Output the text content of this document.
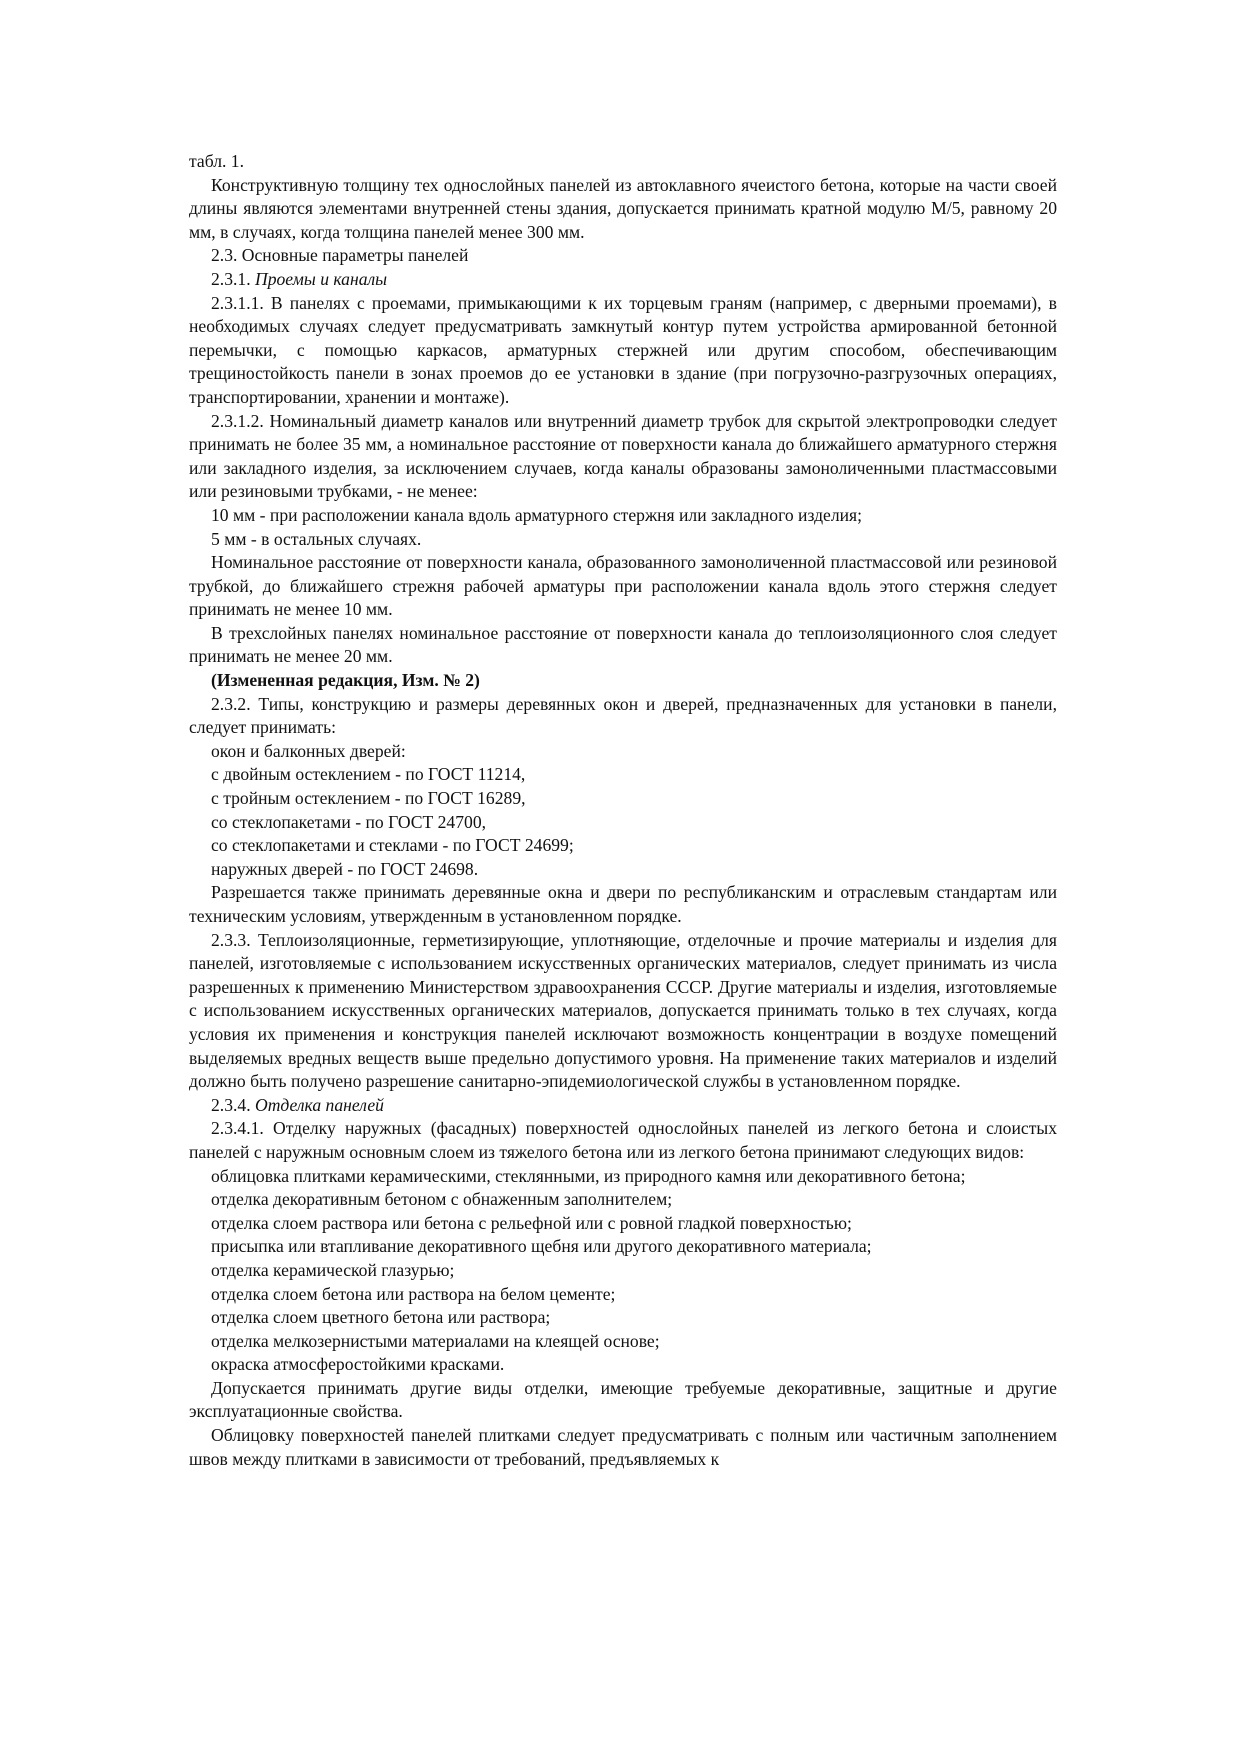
табл. 1.

Конструктивную толщину тех однослойных панелей из автоклавного ячеистого бетона, которые на части своей длины являются элементами внутренней стены здания, допускается принимать кратной модулю М/5, равному 20 мм, в случаях, когда толщина панелей менее 300 мм.

2.3. Основные параметры панелей

2.3.1. Проемы и каналы

2.3.1.1. В панелях с проемами, примыкающими к их торцевым граням (например, с дверными проемами), в необходимых случаях следует предусматривать замкнутый контур путем устройства армированной бетонной перемычки, с помощью каркасов, арматурных стержней или другим способом, обеспечивающим трещиностойкость панели в зонах проемов до ее установки в здание (при погрузочно-разгрузочных операциях, транспортировании, хранении и монтаже).

2.3.1.2. Номинальный диаметр каналов или внутренний диаметр трубок для скрытой электропроводки следует принимать не более 35 мм, а номинальное расстояние от поверхности канала до ближайшего арматурного стержня или закладного изделия, за исключением случаев, когда каналы образованы замоноличенными пластмассовыми или резиновыми трубками, - не менее:

10 мм - при расположении канала вдоль арматурного стержня или закладного изделия;

5 мм - в остальных случаях.

Номинальное расстояние от поверхности канала, образованного замоноличенной пластмассовой или резиновой трубкой, до ближайшего стрежня рабочей арматуры при расположении канала вдоль этого стержня следует принимать не менее 10 мм.

В трехслойных панелях номинальное расстояние от поверхности канала до теплоизоляционного слоя следует принимать не менее 20 мм.

(Измененная редакция, Изм. № 2)

2.3.2. Типы, конструкцию и размеры деревянных окон и дверей, предназначенных для установки в панели, следует принимать:

окон и балконных дверей:

с двойным остеклением - по ГОСТ 11214,

с тройным остеклением - по ГОСТ 16289,

со стеклопакетами - по ГОСТ 24700,

со стеклопакетами и стеклами - по ГОСТ 24699;

наружных дверей - по ГОСТ 24698.

Разрешается также принимать деревянные окна и двери по республиканским и отраслевым стандартам или техническим условиям, утвержденным в установленном порядке.

2.3.3. Теплоизоляционные, герметизирующие, уплотняющие, отделочные и прочие материалы и изделия для панелей, изготовляемые с использованием искусственных органических материалов, следует принимать из числа разрешенных к применению Министерством здравоохранения СССР. Другие материалы и изделия, изготовляемые с использованием искусственных органических материалов, допускается принимать только в тех случаях, когда условия их применения и конструкция панелей исключают возможность концентрации в воздухе помещений выделяемых вредных веществ выше предельно допустимого уровня. На применение таких материалов и изделий должно быть получено разрешение санитарно-эпидемиологической службы в установленном порядке.

2.3.4. Отделка панелей

2.3.4.1. Отделку наружных (фасадных) поверхностей однослойных панелей из легкого бетона и слоистых панелей с наружным основным слоем из тяжелого бетона или из легкого бетона принимают следующих видов:

облицовка плитками керамическими, стеклянными, из природного камня или декоративного бетона;

отделка декоративным бетоном с обнаженным заполнителем;

отделка слоем раствора или бетона с рельефной или с ровной гладкой поверхностью;

присыпка или втапливание декоративного щебня или другого декоративного материала;

отделка керамической глазурью;

отделка слоем бетона или раствора на белом цементе;

отделка слоем цветного бетона или раствора;

отделка мелкозернистыми материалами на клеящей основе;

окраска атмосферостойкими красками.

Допускается принимать другие виды отделки, имеющие требуемые декоративные, защитные и другие эксплуатационные свойства.

Облицовку поверхностей панелей плитками следует предусматривать с полным или частичным заполнением швов между плитками в зависимости от требований, предъявляемых к
